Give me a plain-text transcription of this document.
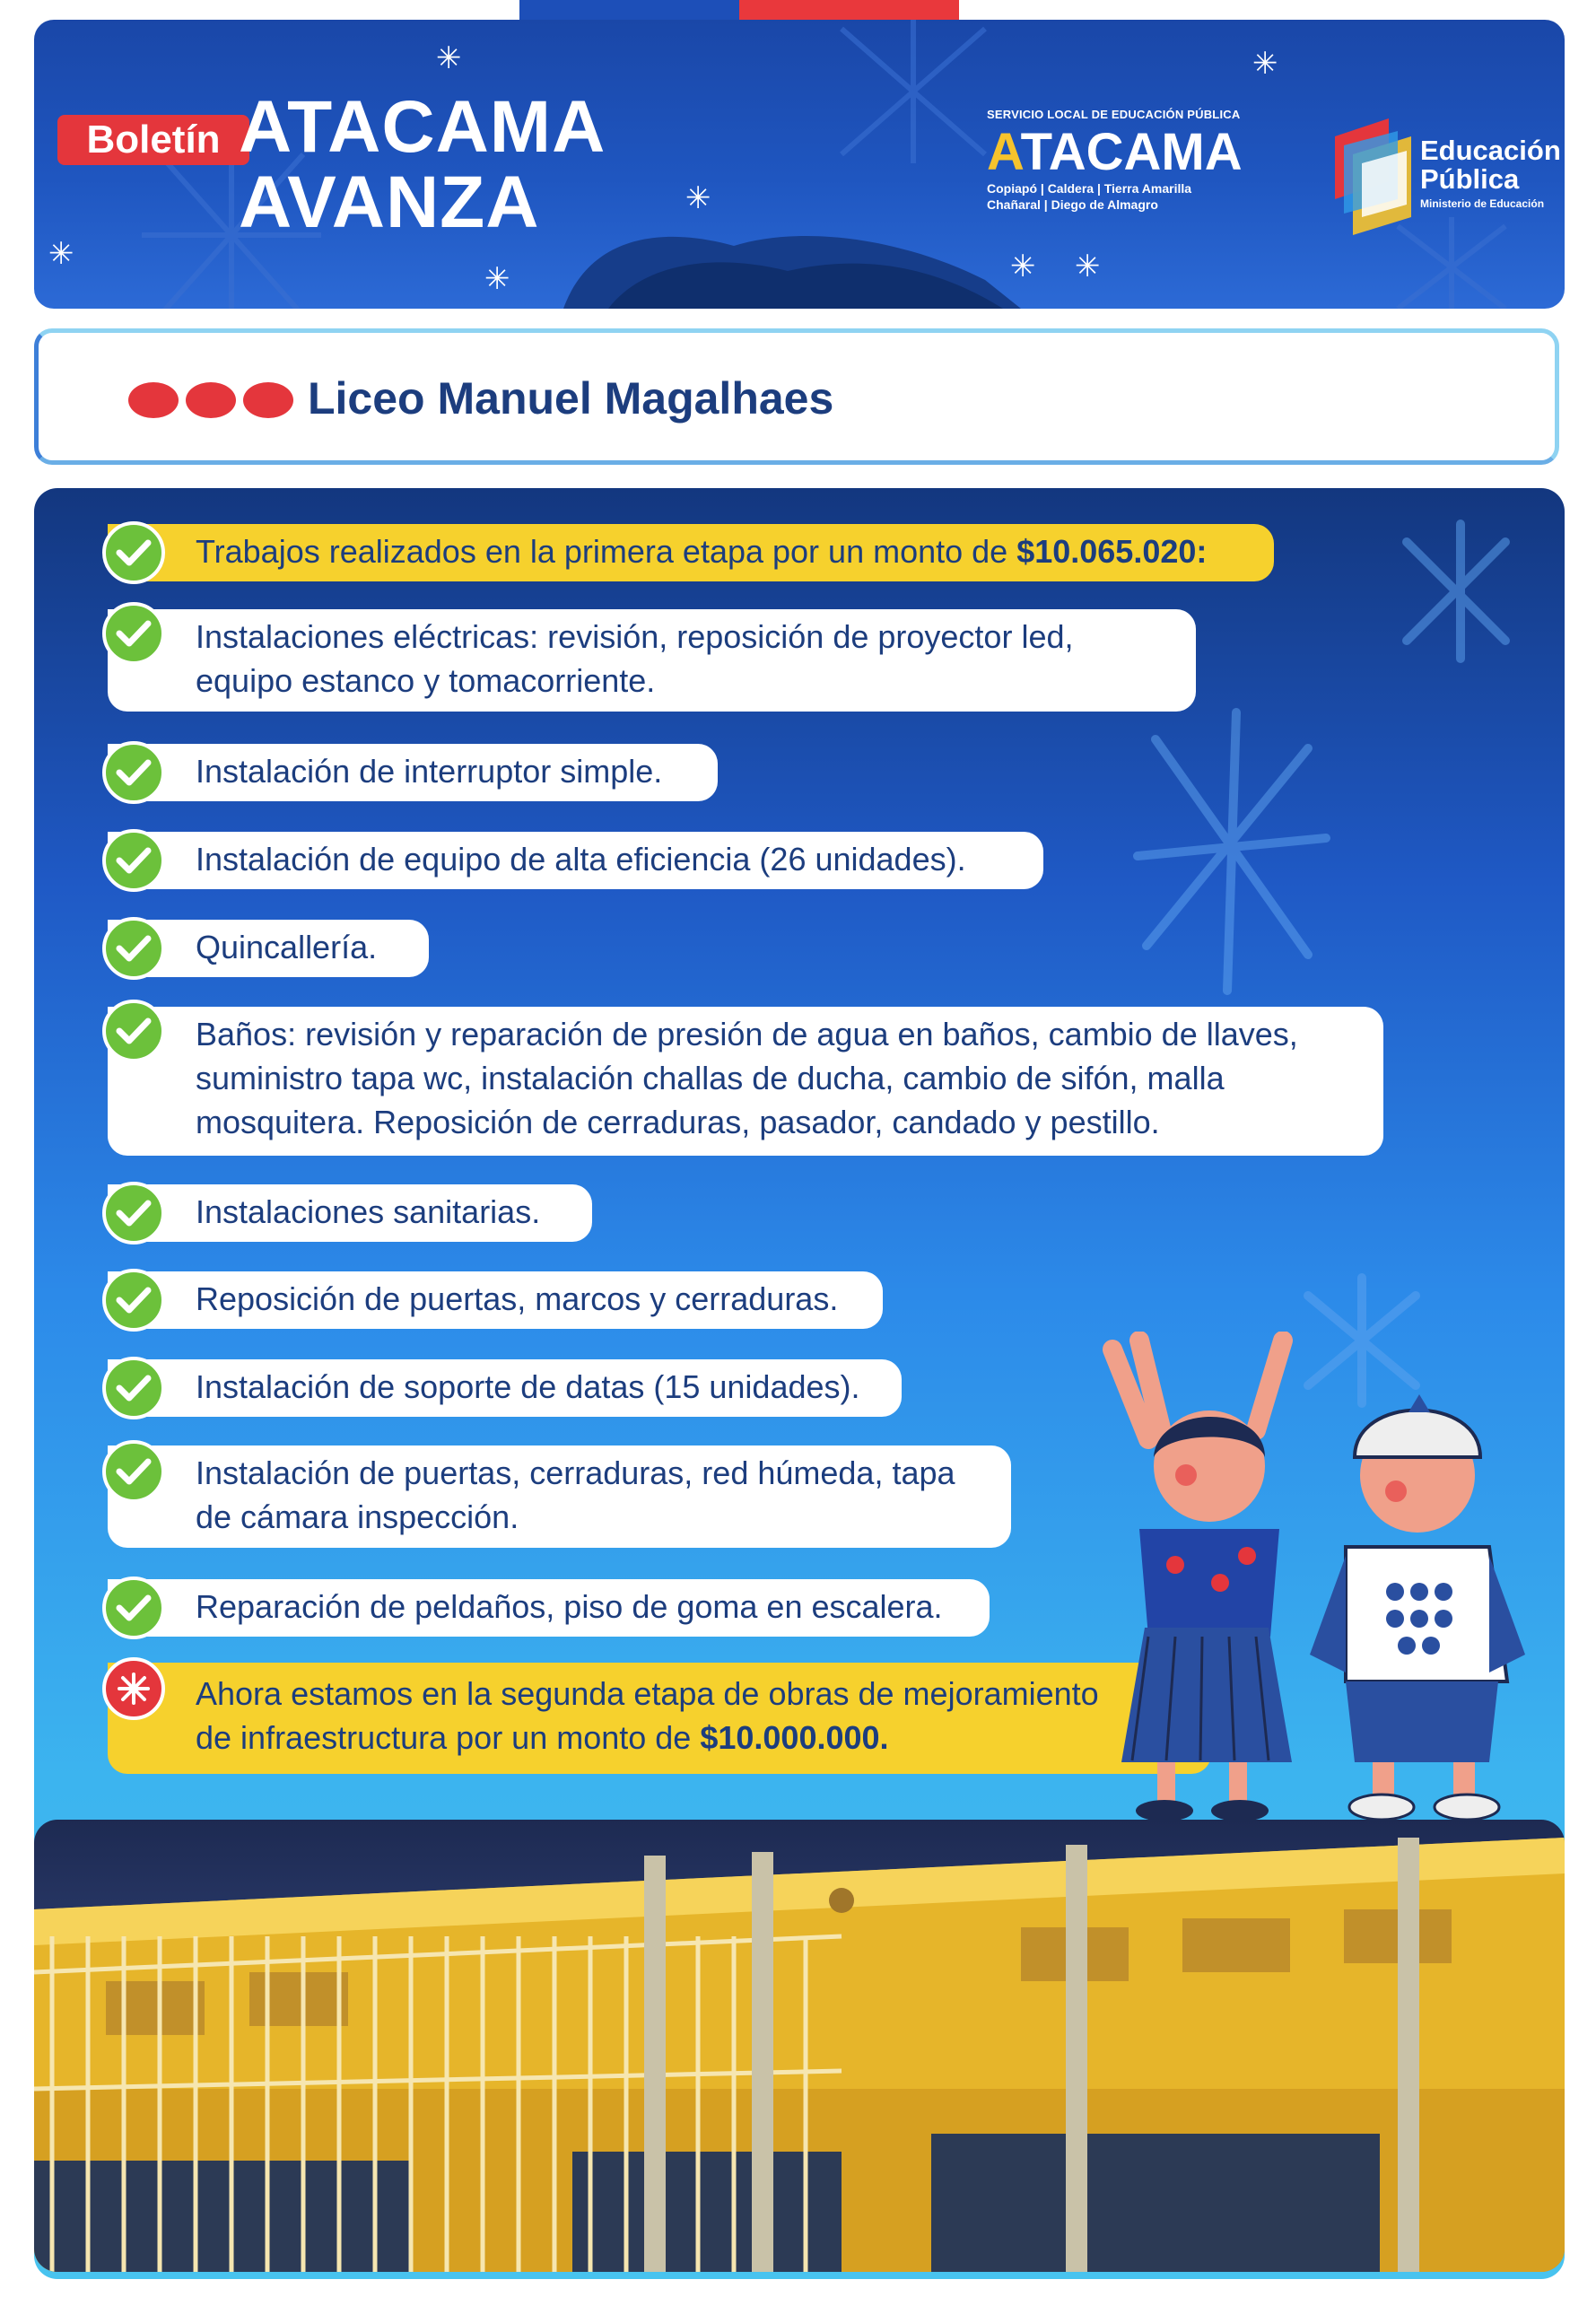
✳	✳
✳
✳
✳	✳ ✳
Boletín ATACAMA
AVANZA
SERVICIO LOCAL DE EDUCACIÓN PÚBLICA
ATACAMA
Copiapó | Caldera | Tierra Amarilla
Chañaral | Diego de Almagro
Educación
Pública
Ministerio de Educación
Liceo Manuel Magalhaes
Trabajos realizados en la primera etapa por un monto de $10.065.020:
Instalaciones eléctricas: revisión, reposición de proyector led,
equipo estanco y tomacorriente.
Instalación de interruptor simple.
Instalación de equipo de alta eficiencia (26 unidades).
Quincallería.
Baños: revisión y reparación de presión de agua en baños, cambio de llaves,
suministro tapa wc, instalación challas de ducha, cambio de sifón, malla
mosquitera. Reposición de cerraduras, pasador, candado y pestillo.
Instalaciones sanitarias.
Reposición de puertas, marcos y cerraduras.
Instalación de soporte de datas (15 unidades).
Instalación de puertas, cerraduras, red húmeda, tapa
de cámara inspección.
Reparación de peldaños, piso de goma en escalera.
Ahora estamos en la segunda etapa de obras de mejoramiento
de infraestructura por un monto de $10.000.000.
